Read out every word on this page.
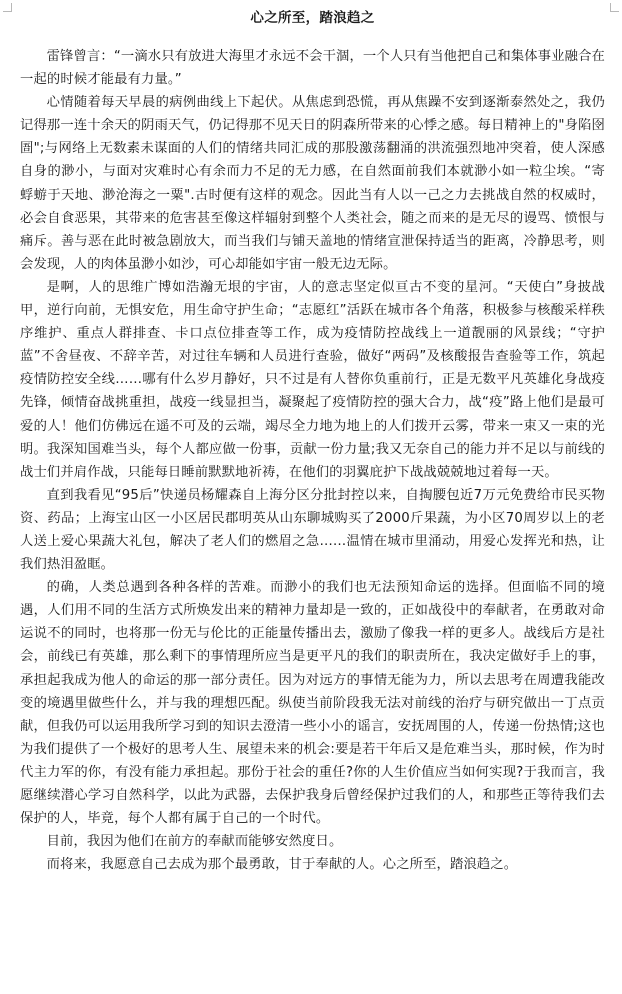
心之所至，踏浪趋之

雷锋曾言：“一滴水只有放进大海里才永远不会干涸，一个人只有当他把自己和集体事业融合在一起的时候才能最有力量。”

心情随着每天早晨的病例曲线上下起伏。从焦虑到恐慌，再从焦躁不安到逐渐泰然处之，我仍记得那一连十余天的阴雨天气，仍记得那不见天日的阴森所带来的心悸之感。每日精神上的"身陷囹圄";与网络上无数素未谋面的人们的情绪共同汇成的那股激荡翻涌的洪流强烈地冲突着，使人深感自身的渺小，与面对灾难时心有余而力不足的无力感，在自然面前我们本就渺小如一粒尘埃。“寄蜉蝣于天地、渺沧海之一粟".古时便有这样的观念。因此当有人以一己之力去挑战自然的权威时，必会自食恶果，其带来的危害甚至像这样辐射到整个人类社会，随之而来的是无尽的谩骂、愤恨与痛斥。善与恶在此时被急剧放大，而当我们与铺天盖地的情绪宣泄保持适当的距离，冷静思考，则会发现，人的肉体虽渺小如沙，可心却能如宇宙一般无边无际。

是啊，人的思维广博如浩瀚无垠的宇宙，人的意志坚定似亘古不变的星河。“天使白”身披战甲，逆行向前，无惧安危，用生命守护生命；“志愿红”活跃在城市各个角落，积极参与核酸采样秩序维护、重点人群排查、卡口点位排查等工作，成为疫情防控战线上一道靓丽的风景线；“守护蓝”不舍昼夜、不辞辛苦，对过往车辆和人员进行查验，做好“两码”及核酸报告查验等工作，筑起疫情防控安全线……哪有什么岁月静好，只不过是有人替你负重前行，正是无数平凡英雄化身战疫先锋，倾情奋战挑重担，战疫一线显担当，凝聚起了疫情防控的强大合力，战“疫”路上他们是最可爱的人！他们仿佛远在遥不可及的云端，竭尽全力地为地上的人们拨开云雾，带来一束又一束的光明。我深知国难当头，每个人都应做一份事，贡献一份力量;我又无奈自己的能力并不足以与前线的战士们并肩作战，只能每日睡前默默地祈祷，在他们的羽翼庇护下战战兢兢地过着每一天。

直到我看见“95后”快递员杨耀森自上海分区分批封控以来，自掏腰包近7万元免费给市民买物资、药品；上海宝山区一小区居民郡明英从山东聊城购买了2000斤果蔬，为小区70周岁以上的老人送上爱心果蔬大礼包，解决了老人们的燃眉之急……温情在城市里涌动，用爱心发挥光和热，让我们热泪盈眶。

的确，人类总遇到各种各样的苦难。而渺小的我们也无法预知命运的选择。但面临不同的境遇，人们用不同的生活方式所焕发出来的精神力量却是一致的，正如战役中的奉献者，在勇敢对命运说不的同时，也将那一份无与伦比的正能量传播出去，激励了像我一样的更多人。战线后方是社会，前线已有英雄，那么剩下的事情理所应当是更平凡的我们的职责所在，我决定做好手上的事，承担起我成为他人的命运的那一部分责任。因为对远方的事情无能为力，所以去思考在周遭我能改变的境遇里做些什么，并与我的理想匹配。纵使当前阶段我无法对前线的治疗与研究做出一丁点贡献，但我仍可以运用我所学习到的知识去澄清一些小小的谣言，安抚周围的人，传递一份热情;这也为我们提供了一个极好的思考人生、展望未来的机会:要是若干年后又是危难当头，那时候，作为时代主力军的你，有没有能力承担起。那份于社会的重任?你的人生价值应当如何实现?于我而言，我愿继续潜心学习自然科学，以此为武器，去保护我身后曾经保护过我们的人，和那些正等待我们去保护的人，毕竟，每个人都有属于自己的一个时代。

目前，我因为他们在前方的奉献而能够安然度日。

而将来，我愿意自己去成为那个最勇敢，甘于奉献的人。心之所至，踏浪趋之。
